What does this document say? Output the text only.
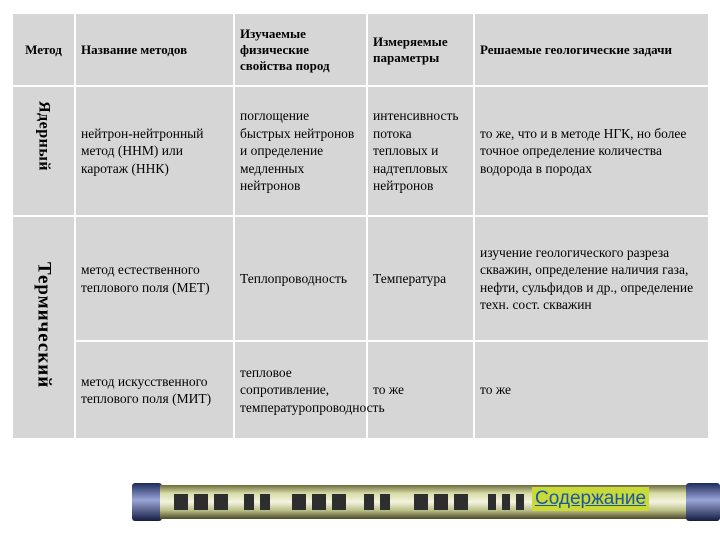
Метод	Название методов	Изучаемые физические свойства пород	Измеряемые параметры	Решаемые геологические задачи
Ядерный	нейтрон-нейтронный метод (ННМ) или каротаж (ННК)	поглощение быстрых нейтронов и определение медленных нейтронов	интенсивность потока тепловых и надтепловых нейтронов	то же, что и в методе НГК, но более точное определение количества водорода в породах
Термический	метод естественного теплового поля (МЕТ)	Теплопроводность	Температура	изучение геологического разреза скважин, определение наличия газа, нефти, сульфидов и др., определение техн. сост. скважин
	метод искусственного теплового поля (МИТ)	тепловое сопротивление, температуропроводность	то же	то же
Содержание
